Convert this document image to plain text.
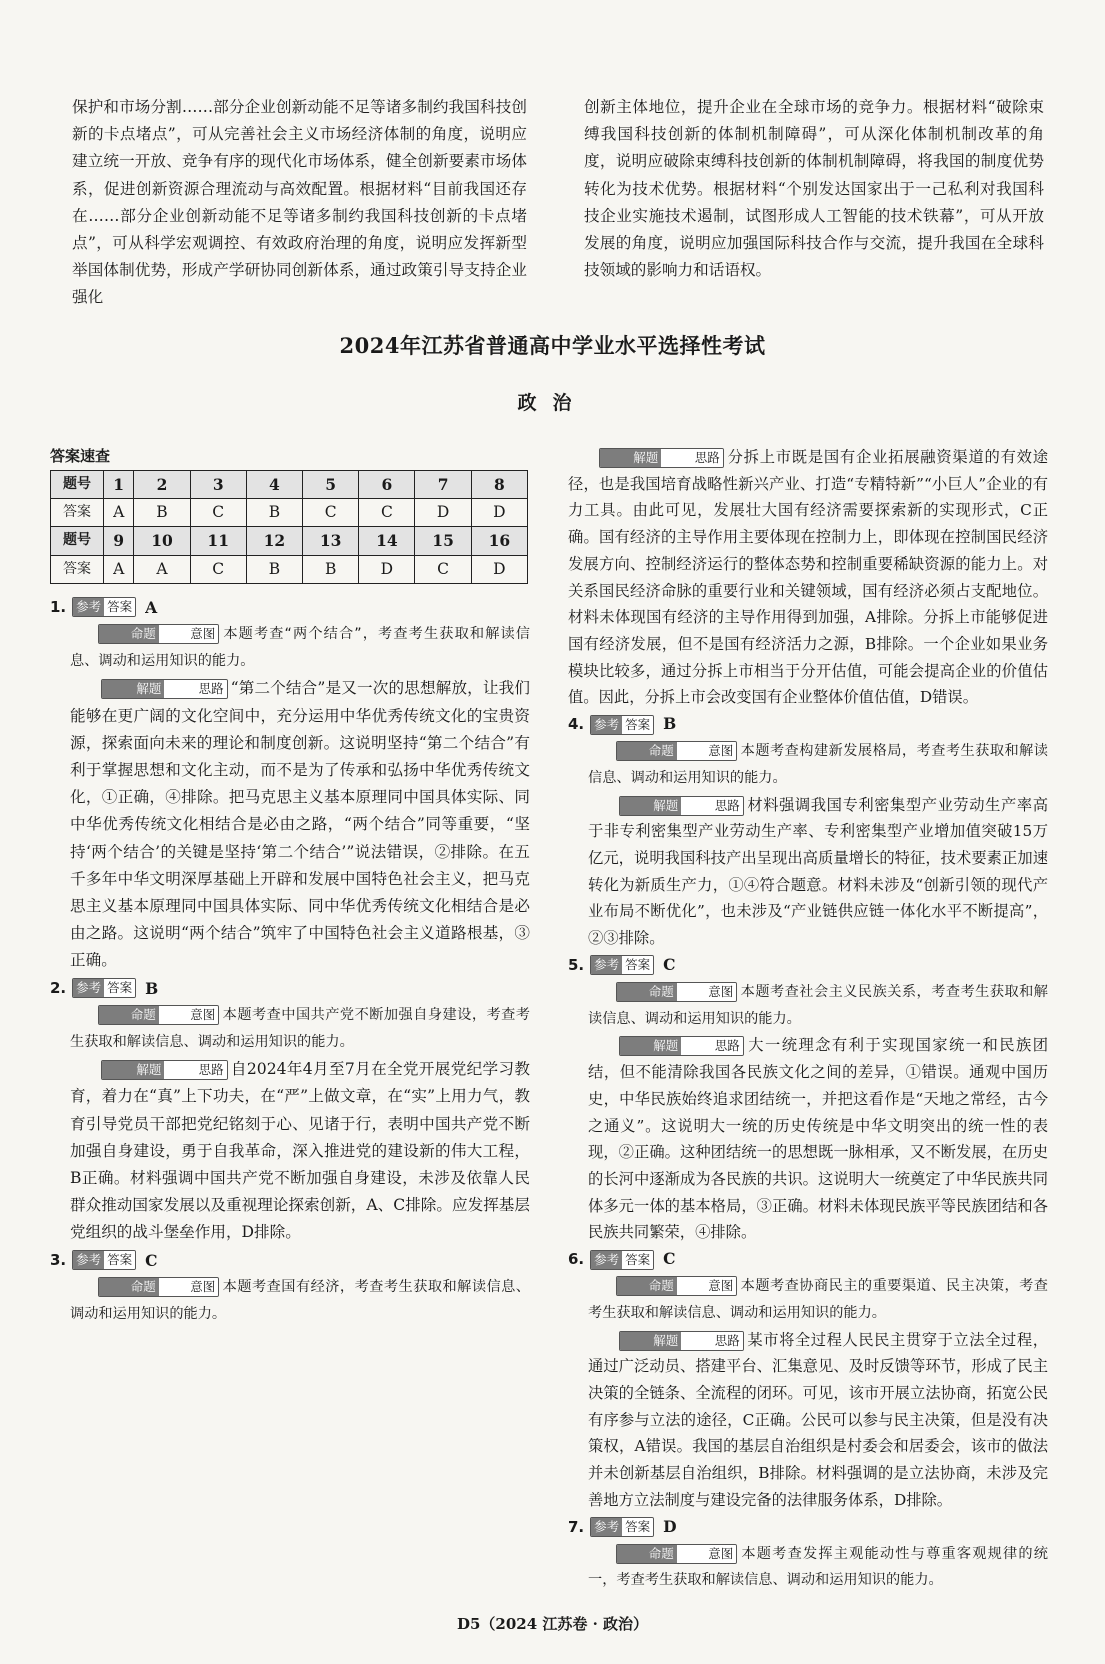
保护和市场分割……部分企业创新动能不足等诸多制约我国科技创新的卡点堵点”，可从完善社会主义市场经济体制的角度，说明应建立统一开放、竞争有序的现代化市场体系，健全创新要素市场体系，促进创新资源合理流动与高效配置。根据材料“目前我国还存在……部分企业创新动能不足等诸多制约我国科技创新的卡点堵点”，可从科学宏观调控、有效政府治理的角度，说明应发挥新型举国体制优势，形成产学研协同创新体系，通过政策引导支持企业强化

创新主体地位，提升企业在全球市场的竞争力。根据材料“破除束缚我国科技创新的体制机制障碍”，可从深化体制机制改革的角度，说明应破除束缚科技创新的体制机制障碍，将我国的制度优势转化为技术优势。根据材料“个别发达国家出于一己私利对我国科技企业实施技术遏制，试图形成人工智能的技术铁幕”，可从开放发展的角度，说明应加强国际科技合作与交流，提升我国在全球科技领域的影响力和话语权。

2024年江苏省普通高中学业水平选择性考试
政治
答案速查
题号	1	2	3	4	5	6	7	8
答案	A	B	C	B	C	C	D	D
题号	9	10	11	12	13	14	15	16
答案	A	A	C	B	B	D	C	D
1. 参考 答案 A

命题	意图 本题考查“两个结合”，考查考生获取和解读信息、调动和运用知识的能力。

解题	思路 “第二个结合”是又一次的思想解放，让我们能够在更广阔的文化空间中，充分运用中华优秀传统文化的宝贵资源，探索面向未来的理论和制度创新。这说明坚持“第二个结合”有利于掌握思想和文化主动，而不是为了传承和弘扬中华优秀传统文化，①正确，④排除。把马克思主义基本原理同中国具体实际、同中华优秀传统文化相结合是必由之路，“两个结合”同等重要，“坚持‘两个结合’的关键是坚持‘第二个结合’”说法错误，②排除。在五千多年中华文明深厚基础上开辟和发展中国特色社会主义，把马克思主义基本原理同中国具体实际、同中华优秀传统文化相结合是必由之路。这说明“两个结合”筑牢了中国特色社会主义道路根基，③正确。

2. 参考 答案 B

命题	意图 本题考查中国共产党不断加强自身建设，考查考生获取和解读信息、调动和运用知识的能力。

解题	思路 自2024年4月至7月在全党开展党纪学习教育，着力在“真”上下功夫，在“严”上做文章，在“实”上用力气，教育引导党员干部把党纪铭刻于心、见诸于行，表明中国共产党不断加强自身建设，勇于自我革命，深入推进党的建设新的伟大工程，B正确。材料强调中国共产党不断加强自身建设，未涉及依靠人民群众推动国家发展以及重视理论探索创新，A、C排除。应发挥基层党组织的战斗堡垒作用，D排除。

3. 参考 答案 C

命题	意图 本题考查国有经济，考查考生获取和解读信息、调动和运用知识的能力。

解题	思路 分拆上市既是国有企业拓展融资渠道的有效途径，也是我国培育战略性新兴产业、打造“专精特新”“小巨人”企业的有力工具。由此可见，发展壮大国有经济需要探索新的实现形式，C正确。国有经济的主导作用主要体现在控制力上，即体现在控制国民经济发展方向、控制经济运行的整体态势和控制重要稀缺资源的能力上。对关系国民经济命脉的重要行业和关键领域，国有经济必须占支配地位。材料未体现国有经济的主导作用得到加强，A排除。分拆上市能够促进国有经济发展，但不是国有经济活力之源，B排除。一个企业如果业务模块比较多，通过分拆上市相当于分开估值，可能会提高企业的价值估值。因此，分拆上市会改变国有企业整体价值估值，D错误。

4. 参考 答案 B

命题	意图 本题考查构建新发展格局，考查考生获取和解读信息、调动和运用知识的能力。

解题	思路 材料强调我国专利密集型产业劳动生产率高于非专利密集型产业劳动生产率、专利密集型产业增加值突破15万亿元，说明我国科技产出呈现出高质量增长的特征，技术要素正加速转化为新质生产力，①④符合题意。材料未涉及“创新引领的现代产业布局不断优化”，也未涉及“产业链供应链一体化水平不断提高”，②③排除。

5. 参考 答案 C

命题	意图 本题考查社会主义民族关系，考查考生获取和解读信息、调动和运用知识的能力。

解题	思路 大一统理念有利于实现国家统一和民族团结，但不能清除我国各民族文化之间的差异，①错误。通观中国历史，中华民族始终追求团结统一，并把这看作是“天地之常经，古今之通义”。这说明大一统的历史传统是中华文明突出的统一性的表现，②正确。这种团结统一的思想既一脉相承，又不断发展，在历史的长河中逐渐成为各民族的共识。这说明大一统奠定了中华民族共同体多元一体的基本格局，③正确。材料未体现民族平等民族团结和各民族共同繁荣，④排除。

6. 参考 答案 C

命题	意图 本题考查协商民主的重要渠道、民主决策，考查考生获取和解读信息、调动和运用知识的能力。

解题	思路 某市将全过程人民民主贯穿于立法全过程，通过广泛动员、搭建平台、汇集意见、及时反馈等环节，形成了民主决策的全链条、全流程的闭环。可见，该市开展立法协商，拓宽公民有序参与立法的途径，C正确。公民可以参与民主决策，但是没有决策权，A错误。我国的基层自治组织是村委会和居委会，该市的做法并未创新基层自治组织，B排除。材料强调的是立法协商，未涉及完善地方立法制度与建设完备的法律服务体系，D排除。

7. 参考 答案 D

命题	意图 本题考查发挥主观能动性与尊重客观规律的统一，考查考生获取和解读信息、调动和运用知识的能力。

D5（2024 江苏卷 · 政治）
